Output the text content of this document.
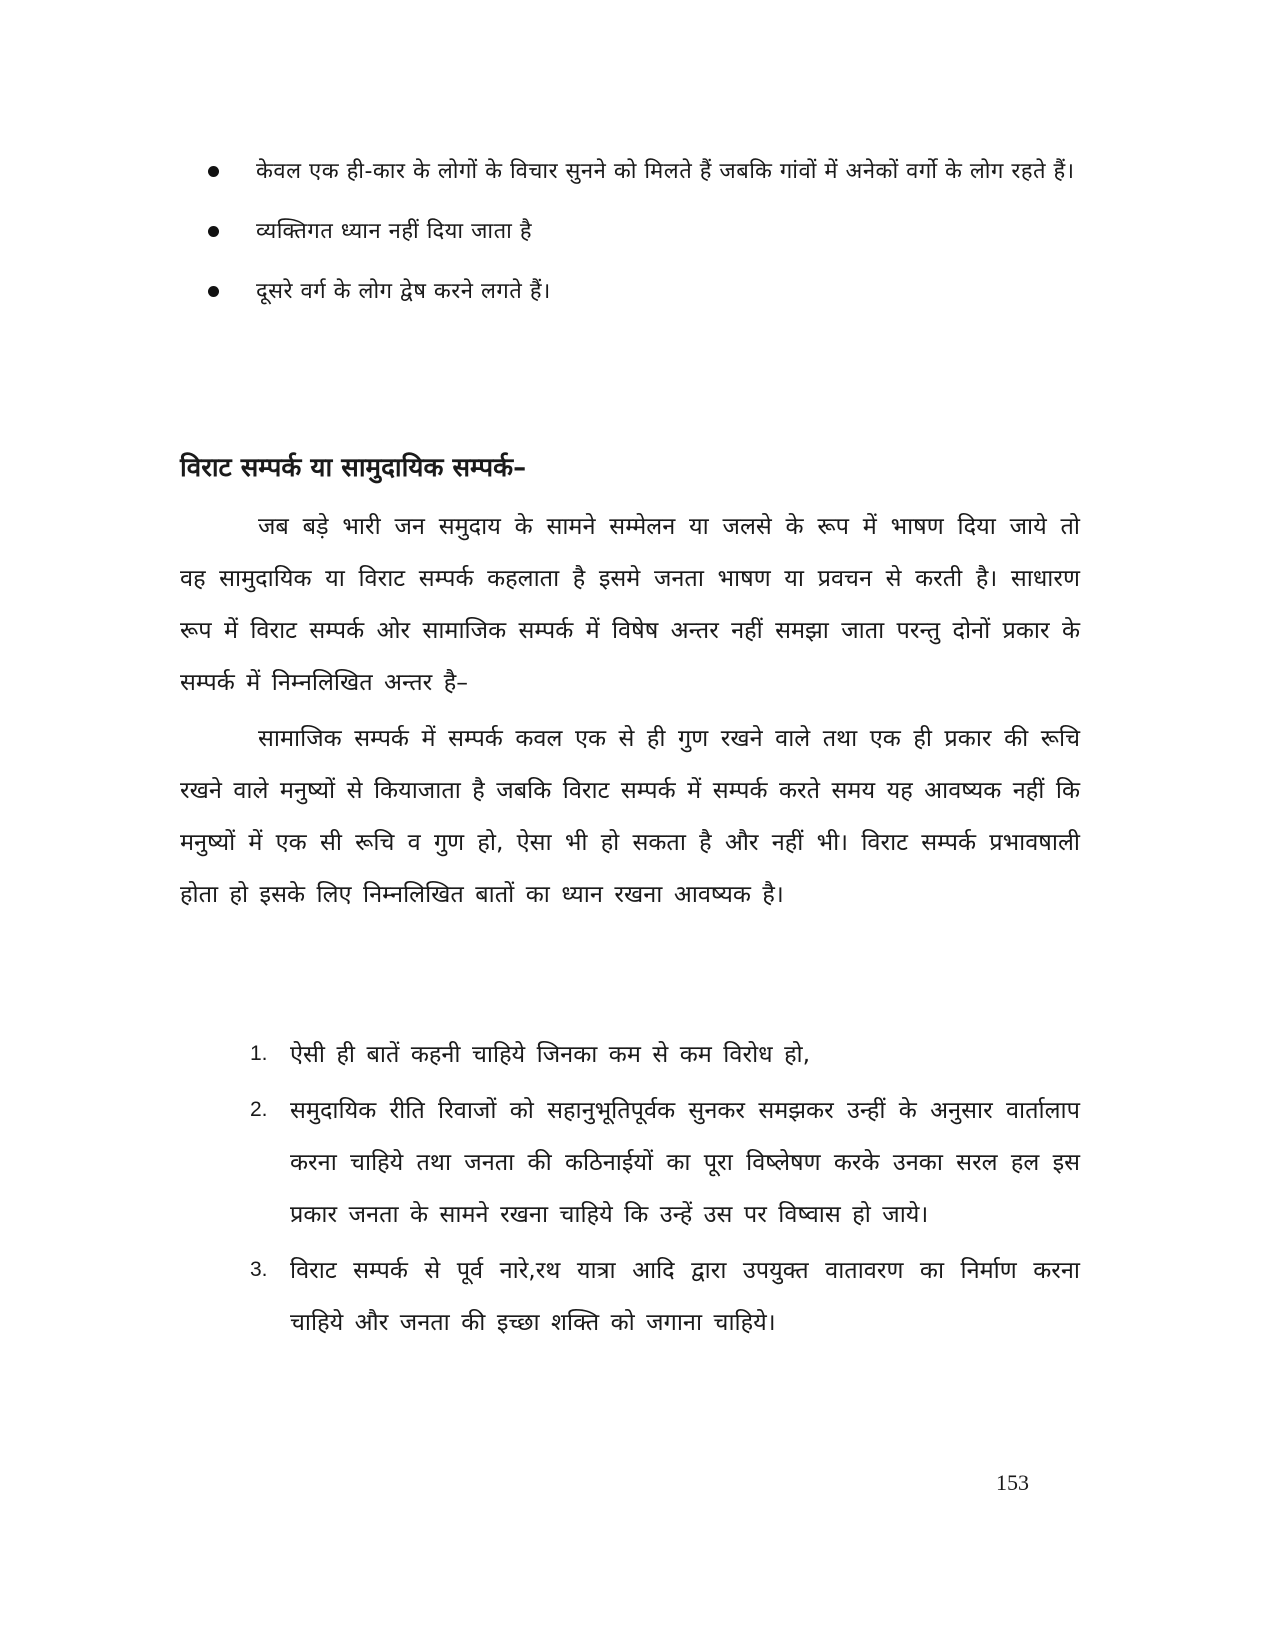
केवल एक ही-कार के लोगों के विचार सुनने को मिलते हैं जबकि गांवों में अनेकों वर्गो के लोग रहते हैं।
व्यक्तिगत ध्यान नहीं दिया जाता है
दूसरे वर्ग के लोग द्वेष करने लगते हैं।
विराट सम्पर्क या सामुदायिक सम्पर्क–

जब बड़े भारी जन समुदाय के सामने सम्मेलन या जलसे के रूप में भाषण दिया जाये तो वह सामुदायिक या विराट सम्पर्क कहलाता है इसमे जनता भाषण या प्रवचन से करती है। साधारण रूप में विराट सम्पर्क ओर सामाजिक सम्पर्क में विषेष अन्तर नहीं समझा जाता परन्तु दोनों प्रकार के सम्पर्क में निम्नलिखित अन्तर है–

सामाजिक सम्पर्क में सम्पर्क कवल एक से ही गुण रखने वाले तथा एक ही प्रकार की रूचि रखने वाले मनुष्यों से कियाजाता है जबकि विराट सम्पर्क में सम्पर्क करते समय यह आवष्यक नहीं कि मनुष्यों में एक सी रूचि व गुण हो, ऐसा भी हो सकता है और नहीं भी। विराट सम्पर्क प्रभावषाली होता हो इसके लिए निम्नलिखित बातों का ध्यान रखना आवष्यक है।

1. ऐसी ही बातें कहनी चाहिये जिनका कम से कम विरोध हो,
2. समुदायिक रीति रिवाजों को सहानुभूतिपूर्वक सुनकर समझकर उन्हीं के अनुसार वार्तालाप करना चाहिये तथा जनता की कठिनाईयों का पूरा विष्लेषण करके उनका सरल हल इस प्रकार जनता के सामने रखना चाहिये कि उन्हें उस पर विष्वास हो जाये।
3. विराट सम्पर्क से पूर्व नारे,रथ यात्रा आदि द्वारा उपयुक्त वातावरण का निर्माण करना चाहिये और जनता की इच्छा शक्ति को जगाना चाहिये।
153
